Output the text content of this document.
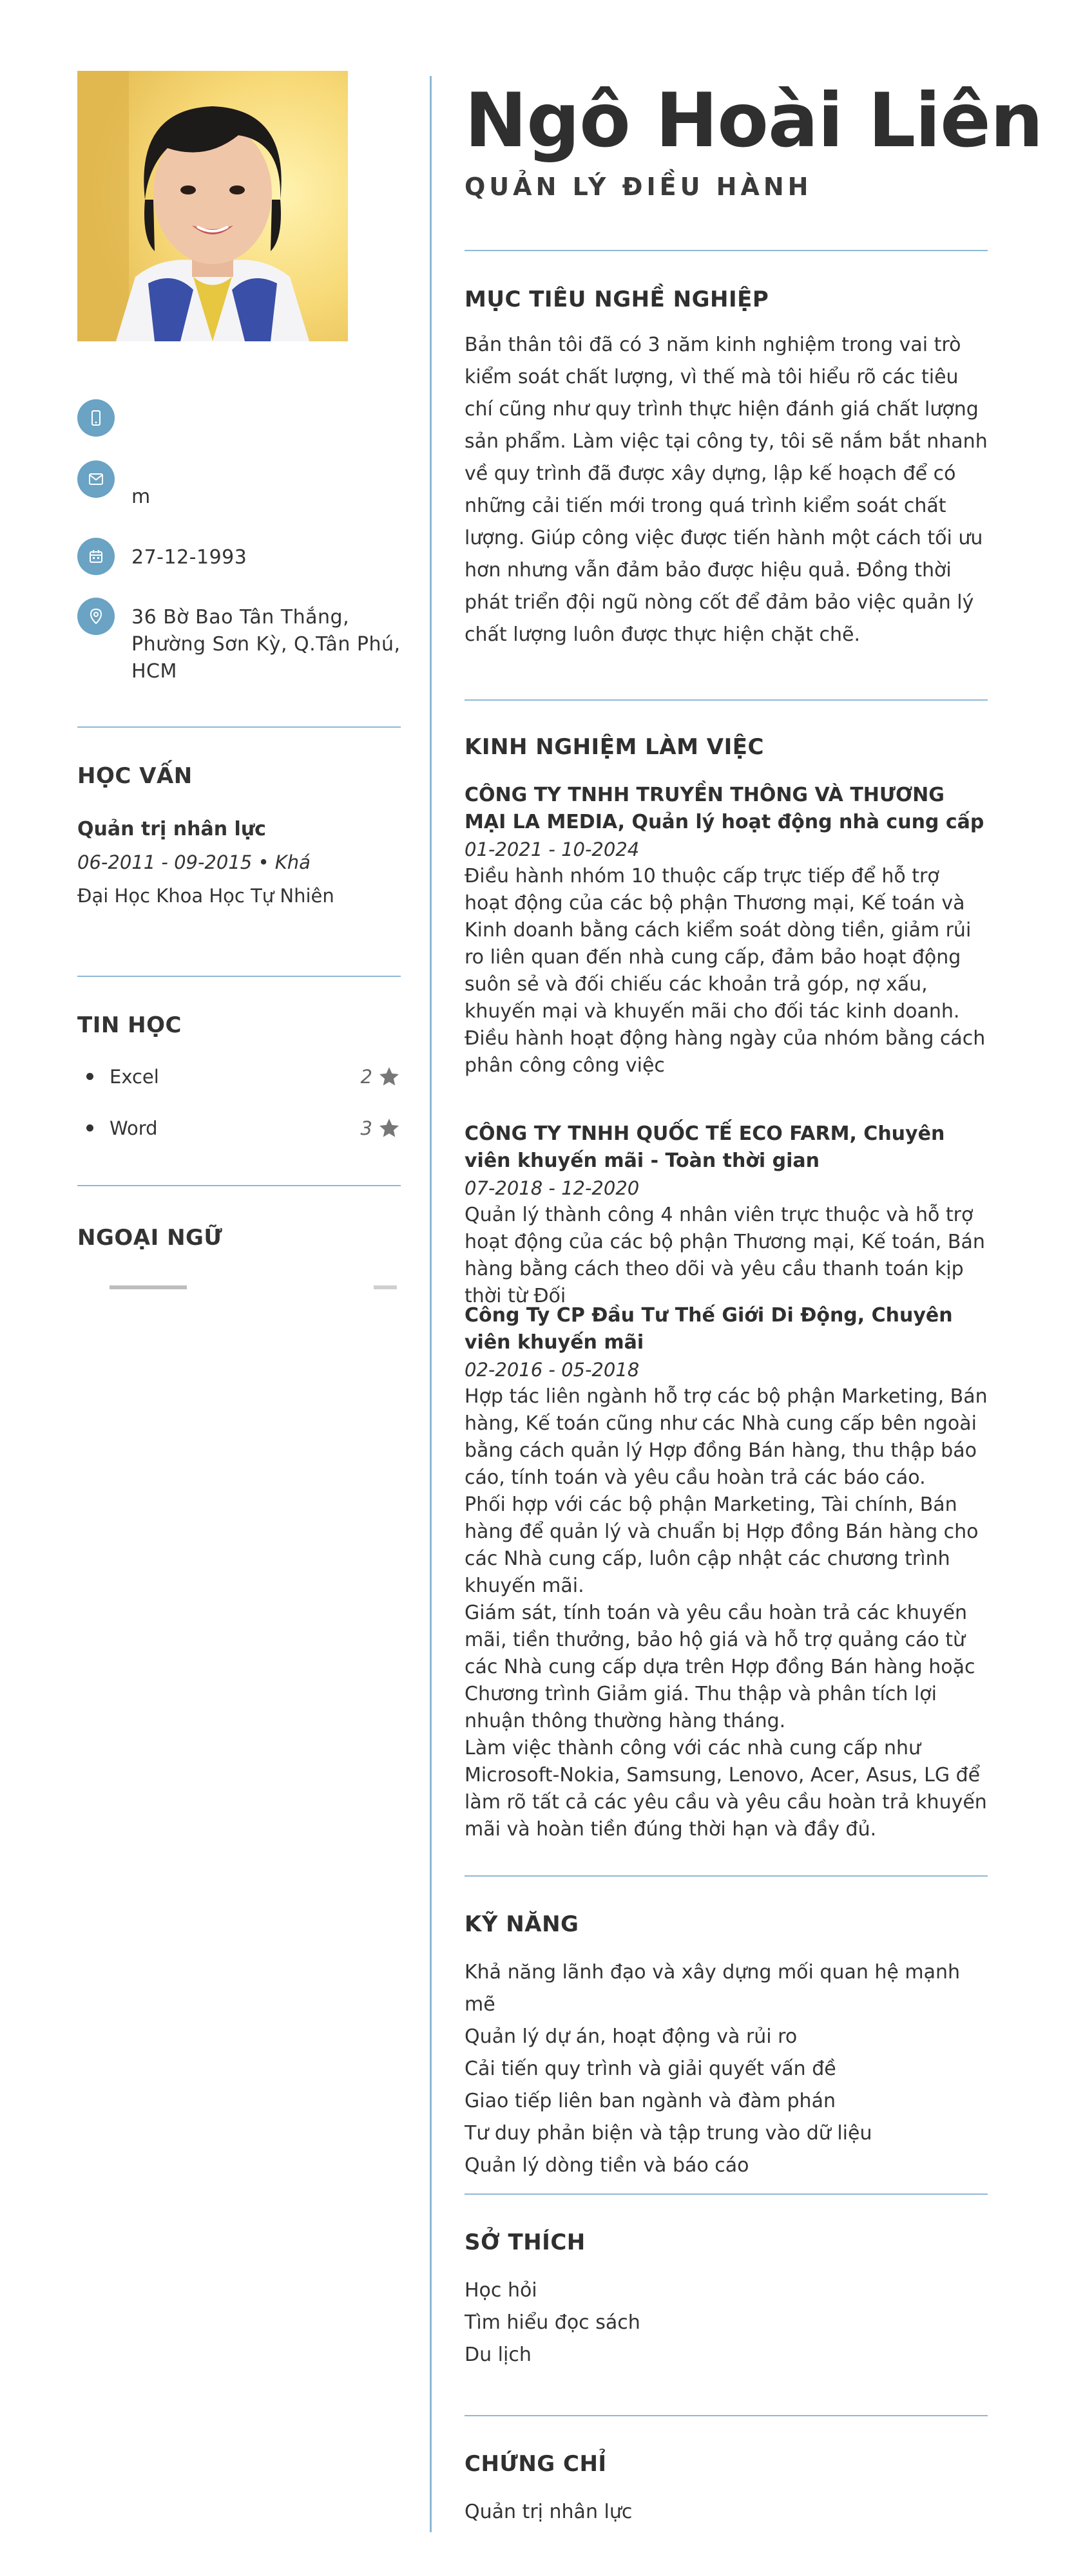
m
27-12-1993
36 Bờ Bao Tân Thắng, Phường Sơn Kỳ, Q.Tân Phú, HCM
HỌC VẤN
Quản trị nhân lực
06-2011 - 09-2015 • Khá
Đại Học Khoa Học Tự Nhiên
TIN HỌC
Excel	2
Word	3
NGOẠI NGỮ
Ngô Hoài Liên
QUẢN LÝ ĐIỀU HÀNH
MỤC TIÊU NGHỀ NGHIỆP
Bản thân tôi đã có 3 năm kinh nghiệm trong vai trò kiểm soát chất lượng, vì thế mà tôi hiểu rõ các tiêu chí cũng như quy trình thực hiện đánh giá chất lượng sản phẩm. Làm việc tại công ty, tôi sẽ nắm bắt nhanh về quy trình đã được xây dựng, lập kế hoạch để có những cải tiến mới trong quá trình kiểm soát chất lượng. Giúp công việc được tiến hành một cách tối ưu hơn nhưng vẫn đảm bảo được hiệu quả. Đồng thời phát triển đội ngũ nòng cốt để đảm bảo việc quản lý chất lượng luôn được thực hiện chặt chẽ.
KINH NGHIỆM LÀM VIỆC
CÔNG TY TNHH TRUYỀN THÔNG VÀ THƯƠNG MẠI LA MEDIA, Quản lý hoạt động nhà cung cấp
01-2021 - 10-2024
Điều hành nhóm 10 thuộc cấp trực tiếp để hỗ trợ hoạt động của các bộ phận Thương mại, Kế toán và Kinh doanh bằng cách kiểm soát dòng tiền, giảm rủi ro liên quan đến nhà cung cấp, đảm bảo hoạt động suôn sẻ và đối chiếu các khoản trả góp, nợ xấu, khuyến mại và khuyến mãi cho đối tác kinh doanh.
Điều hành hoạt động hàng ngày của nhóm bằng cách phân công công việc
CÔNG TY TNHH QUỐC TẾ ECO FARM, Chuyên viên khuyến mãi - Toàn thời gian
07-2018 - 12-2020
Quản lý thành công 4 nhân viên trực thuộc và hỗ trợ hoạt động của các bộ phận Thương mại, Kế toán, Bán hàng bằng cách theo dõi và yêu cầu thanh toán kịp thời từ Đối
Công Ty CP Đầu Tư Thế Giới Di Động, Chuyên viên khuyến mãi
02-2016 - 05-2018
Hợp tác liên ngành hỗ trợ các bộ phận Marketing, Bán hàng, Kế toán cũng như các Nhà cung cấp bên ngoài bằng cách quản lý Hợp đồng Bán hàng, thu thập báo cáo, tính toán và yêu cầu hoàn trả các báo cáo.
Phối hợp với các bộ phận Marketing, Tài chính, Bán hàng để quản lý và chuẩn bị Hợp đồng Bán hàng cho các Nhà cung cấp, luôn cập nhật các chương trình khuyến mãi.
Giám sát, tính toán và yêu cầu hoàn trả các khuyến mãi, tiền thưởng, bảo hộ giá và hỗ trợ quảng cáo từ các Nhà cung cấp dựa trên Hợp đồng Bán hàng hoặc Chương trình Giảm giá. Thu thập và phân tích lợi nhuận thông thường hàng tháng.
Làm việc thành công với các nhà cung cấp như Microsoft-Nokia, Samsung, Lenovo, Acer, Asus, LG để làm rõ tất cả các yêu cầu và yêu cầu hoàn trả khuyến mãi và hoàn tiền đúng thời hạn và đầy đủ.
KỸ NĂNG
Khả năng lãnh đạo và xây dựng mối quan hệ mạnh mẽ
Quản lý dự án, hoạt động và rủi ro
Cải tiến quy trình và giải quyết vấn đề
Giao tiếp liên ban ngành và đàm phán
Tư duy phản biện và tập trung vào dữ liệu
Quản lý dòng tiền và báo cáo
SỞ THÍCH
Học hỏi
Tìm hiểu đọc sách
Du lịch
CHỨNG CHỈ
Quản trị nhân lực
